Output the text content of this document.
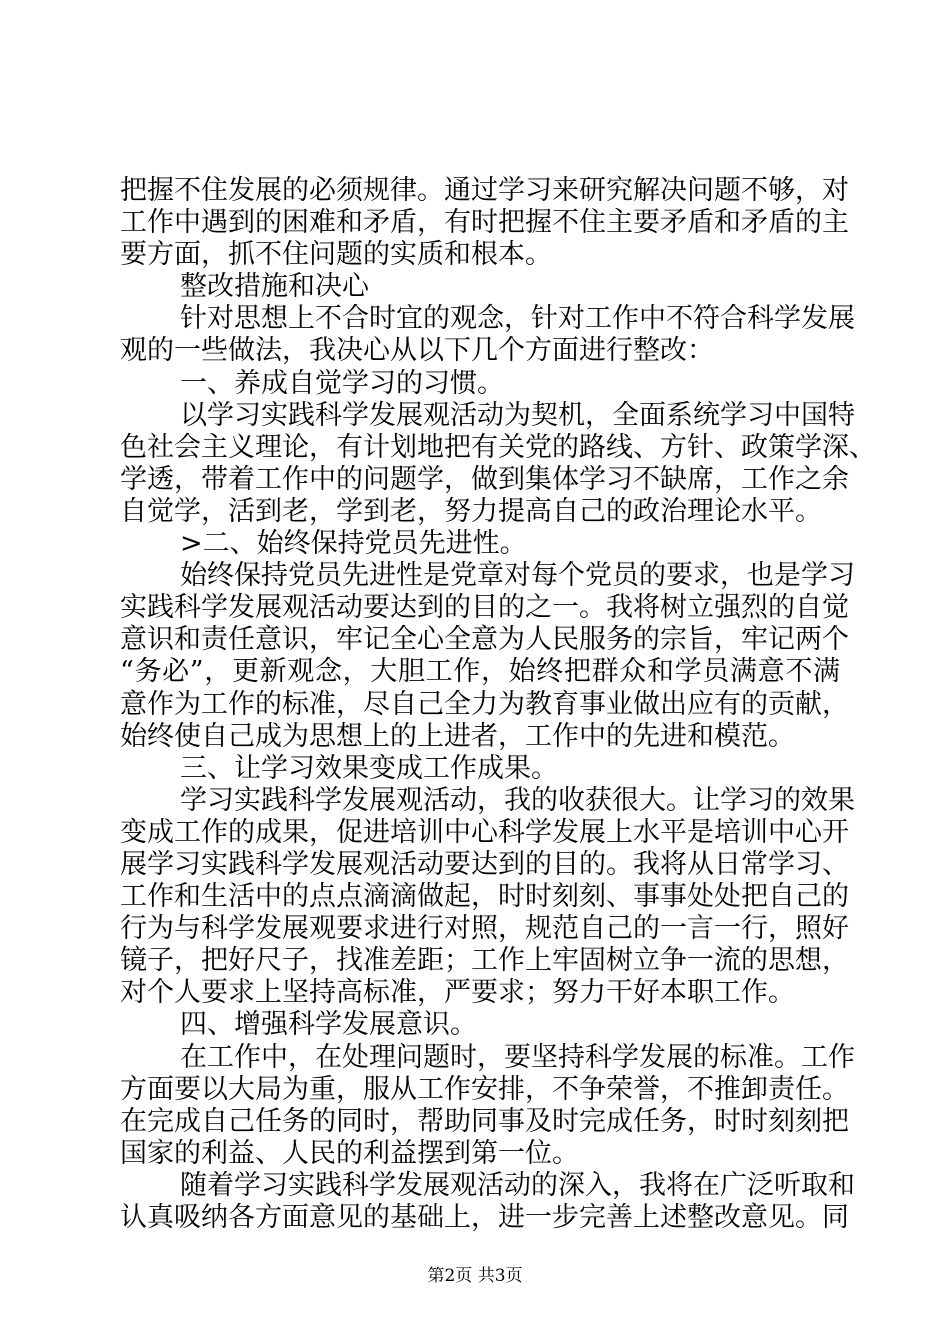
把握不住发展的必须规律。通过学习来研究解决问题不够，对
工作中遇到的困难和矛盾，有时把握不住主要矛盾和矛盾的主
要方面，抓不住问题的实质和根本。
整改措施和决心
针对思想上不合时宜的观念，针对工作中不符合科学发展
观的一些做法，我决心从以下几个方面进行整改：
一、养成自觉学习的习惯。
以学习实践科学发展观活动为契机，全面系统学习中国特
色社会主义理论，有计划地把有关党的路线、方针、政策学深、
学透，带着工作中的问题学，做到集体学习不缺席，工作之余
自觉学，活到老，学到老，努力提高自己的政治理论水平。
>二、始终保持党员先进性。
始终保持党员先进性是党章对每个党员的要求，也是学习
实践科学发展观活动要达到的目的之一。我将树立强烈的自觉
意识和责任意识，牢记全心全意为人民服务的宗旨，牢记两个
“务必”，更新观念，大胆工作，始终把群众和学员满意不满
意作为工作的标准，尽自己全力为教育事业做出应有的贡献，
始终使自己成为思想上的上进者，工作中的先进和模范。
三、让学习效果变成工作成果。
学习实践科学发展观活动，我的收获很大。让学习的效果
变成工作的成果，促进培训中心科学发展上水平是培训中心开
展学习实践科学发展观活动要达到的目的。我将从日常学习、
工作和生活中的点点滴滴做起，时时刻刻、事事处处把自己的
行为与科学发展观要求进行对照，规范自己的一言一行，照好
镜子，把好尺子，找准差距；工作上牢固树立争一流的思想，
对个人要求上坚持高标准，严要求；努力干好本职工作。
四、增强科学发展意识。
在工作中，在处理问题时，要坚持科学发展的标准。工作
方面要以大局为重，服从工作安排，不争荣誉，不推卸责任。
在完成自己任务的同时，帮助同事及时完成任务，时时刻刻把
国家的利益、人民的利益摆到第一位。
随着学习实践科学发展观活动的深入，我将在广泛听取和
认真吸纳各方面意见的基础上，进一步完善上述整改意见。同
第2页 共3页
